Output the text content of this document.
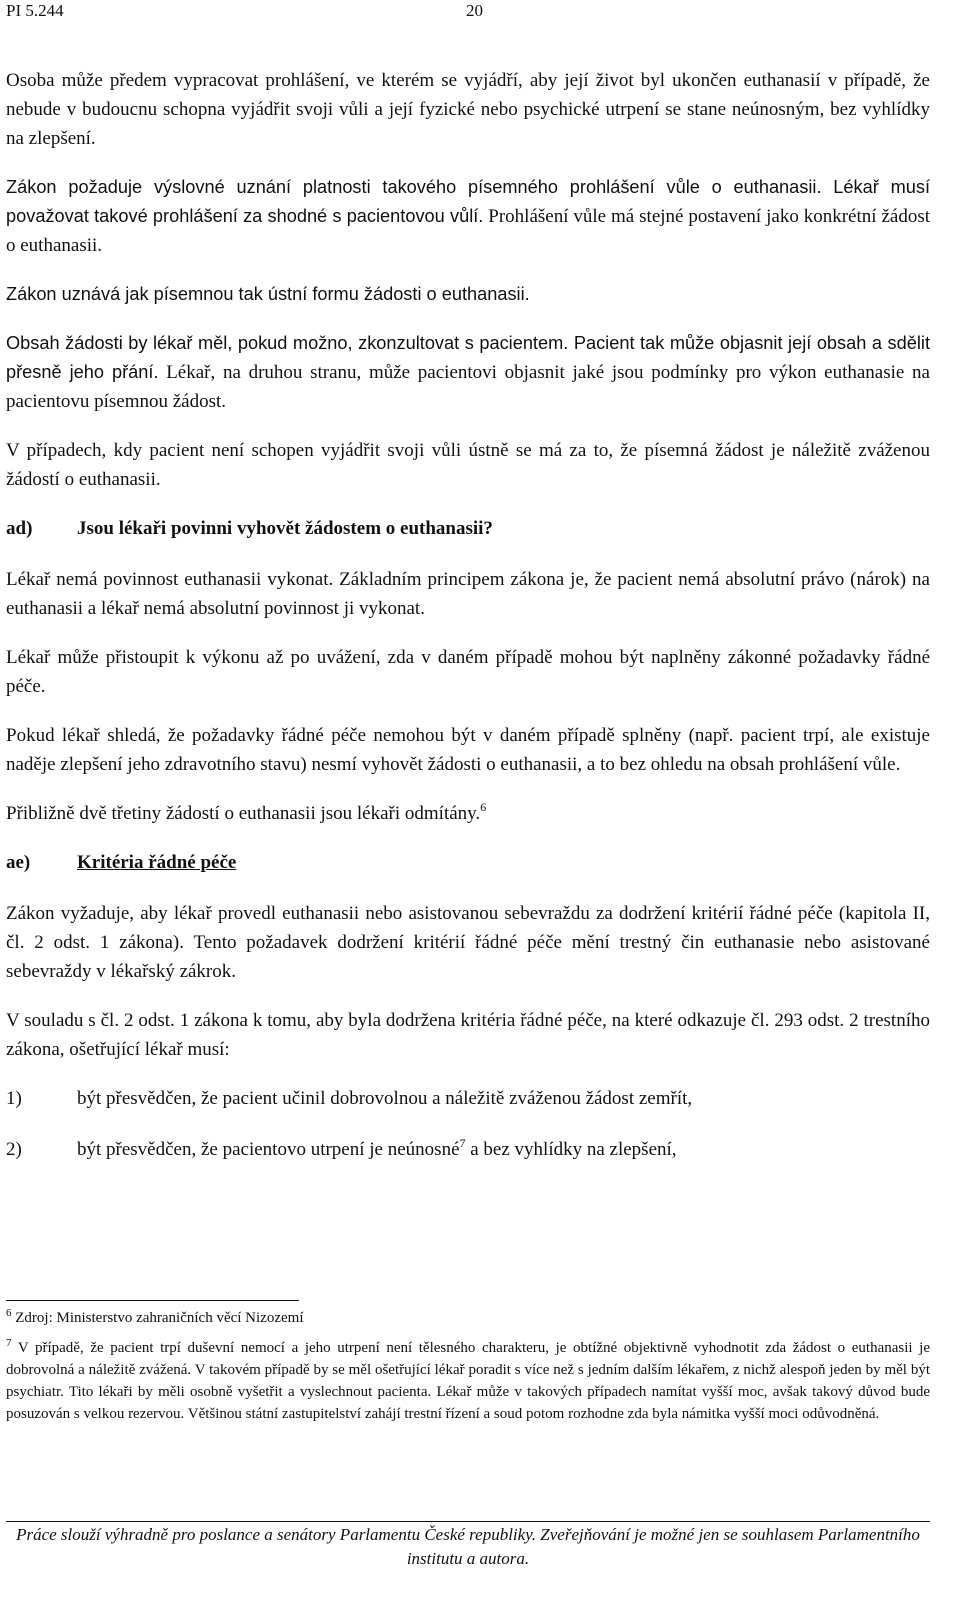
PI 5.244	20

Osoba může předem vypracovat prohlášení, ve kterém se vyjádří, aby její život byl ukončen euthanasií v případě, že nebude v budoucnu schopna vyjádřit svoji vůli a její fyzické nebo psychické utrpení se stane neúnosným, bez vyhlídky na zlepšení.

Zákon požaduje výslovné uznání platnosti takového písemného prohlášení vůle o euthanasii. Lékař musí považovat takové prohlášení za shodné s pacientovou vůlí. Prohlášení vůle má stejné postavení jako konkrétní žádost o euthanasii.

Zákon uznává jak písemnou tak ústní formu žádosti o euthanasii.

Obsah žádosti by lékař měl, pokud možno, zkonzultovat s pacientem. Pacient tak může objasnit její obsah a sdělit přesně jeho přání. Lékař, na druhou stranu, může pacientovi objasnit jaké jsou podmínky pro výkon euthanasie na pacientovu písemnou žádost.

V případech, kdy pacient není schopen vyjádřit svoji vůli ústně se má za to, že písemná žádost je náležitě zváženou žádostí o euthanasii.

ad)	Jsou lékaři povinni vyhovět žádostem o euthanasii?

Lékař nemá povinnost euthanasii vykonat. Základním principem zákona je, že pacient nemá absolutní právo (nárok) na euthanasii a lékař nemá absolutní povinnost ji vykonat.

Lékař může přistoupit k výkonu až po uvážení, zda v daném případě mohou být naplněny zákonné požadavky řádné péče.

Pokud lékař shledá, že požadavky řádné péče nemohou být v daném případě splněny (např. pacient trpí, ale existuje naděje zlepšení jeho zdravotního stavu) nesmí vyhovět žádosti o euthanasii, a to bez ohledu na obsah prohlášení vůle.

Přibližně dvě třetiny žádostí o euthanasii jsou lékaři odmítány.$^6$

ae)	Kritéria řádné péče

Zákon vyžaduje, aby lékař provedl euthanasii nebo asistovanou sebevraždu za dodržení kritérií řádné péče (kapitola II, čl. 2 odst. 1 zákona). Tento požadavek dodržení kritérií řádné péče mění trestný čin euthanasie nebo asistované sebevraždy v lékařský zákrok.

V souladu s čl. 2 odst. 1 zákona k tomu, aby byla dodržena kritéria řádné péče, na které odkazuje čl. 293 odst. 2 trestního zákona, ošetřující lékař musí:

1)	být přesvědčen, že pacient učinil dobrovolnou a náležitě zváženou žádost zemřít,
2)	být přesvědčen, že pacientovo utrpení je neúnosné$^7$ a bez vyhlídky na zlepšení,

$^6$ Zdroj: Ministerstvo zahraničních věcí Nizozemí

$^7$ V případě, že pacient trpí duševní nemocí a jeho utrpení není tělesného charakteru, je obtížné objektivně vyhodnotit zda žádost o euthanasii je dobrovolná a náležitě zvážená. V takovém případě by se měl ošetřující lékař poradit s více než s jedním dalším lékařem, z nichž alespoň jeden by měl být psychiatr. Tito lékaři by měli osobně vyšetřit a vyslechnout pacienta. Lékař může v takových případech namítat vyšší moc, avšak takový důvod bude posuzován s velkou rezervou. Většinou státní zastupitelství zahájí trestní řízení a soud potom rozhodne zda byla námitka vyšší moci odůvodněná.

Práce slouží výhradně pro poslance a senátory Parlamentu České republiky. Zveřejňování je možné jen se souhlasem Parlamentního institutu a autora.
